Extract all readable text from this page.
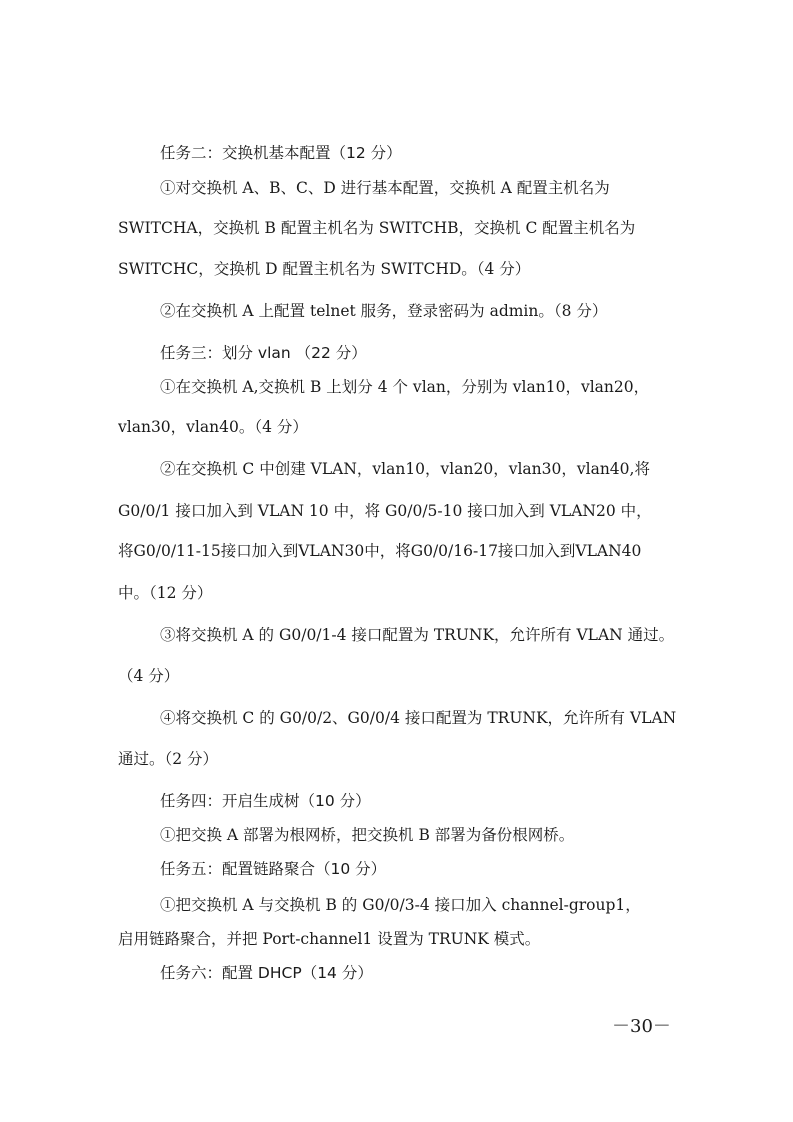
任务二：交换机基本配置（12 分）
①对交换机 A、B、C、D 进行基本配置，交换机 A 配置主机名为
SWITCHA，交换机 B 配置主机名为 SWITCHB，交换机 C 配置主机名为
SWITCHC，交换机 D 配置主机名为 SWITCHD。（4 分）
②在交换机 A 上配置 telnet 服务，登录密码为 admin。（8 分）
任务三：划分 vlan （22 分）
①在交换机 A,交换机 B 上划分 4 个 vlan，分别为 vlan10，vlan20，
vlan30，vlan40。（4 分）
②在交换机 C 中创建 VLAN，vlan10，vlan20，vlan30，vlan40,将
G0/0/1 接口加入到 VLAN 10 中，将 G0/0/5-10 接口加入到 VLAN20 中，
将G0/0/11-15接口加入到VLAN30中，将G0/0/16-17接口加入到VLAN40
中。（12 分）
③将交换机 A 的 G0/0/1-4 接口配置为 TRUNK，允许所有 VLAN 通过。
（4 分）
④将交换机 C 的 G0/0/2、G0/0/4 接口配置为 TRUNK，允许所有 VLAN
通过。（2 分）
任务四：开启生成树（10 分）
①把交换 A 部署为根网桥，把交换机 B 部署为备份根网桥。
任务五：配置链路聚合（10 分）
①把交换机 A 与交换机 B 的 G0/0/3-4 接口加入 channel-group1，
启用链路聚合，并把 Port-channel1 设置为 TRUNK 模式。
任务六：配置 DHCP（14 分）
－30－
